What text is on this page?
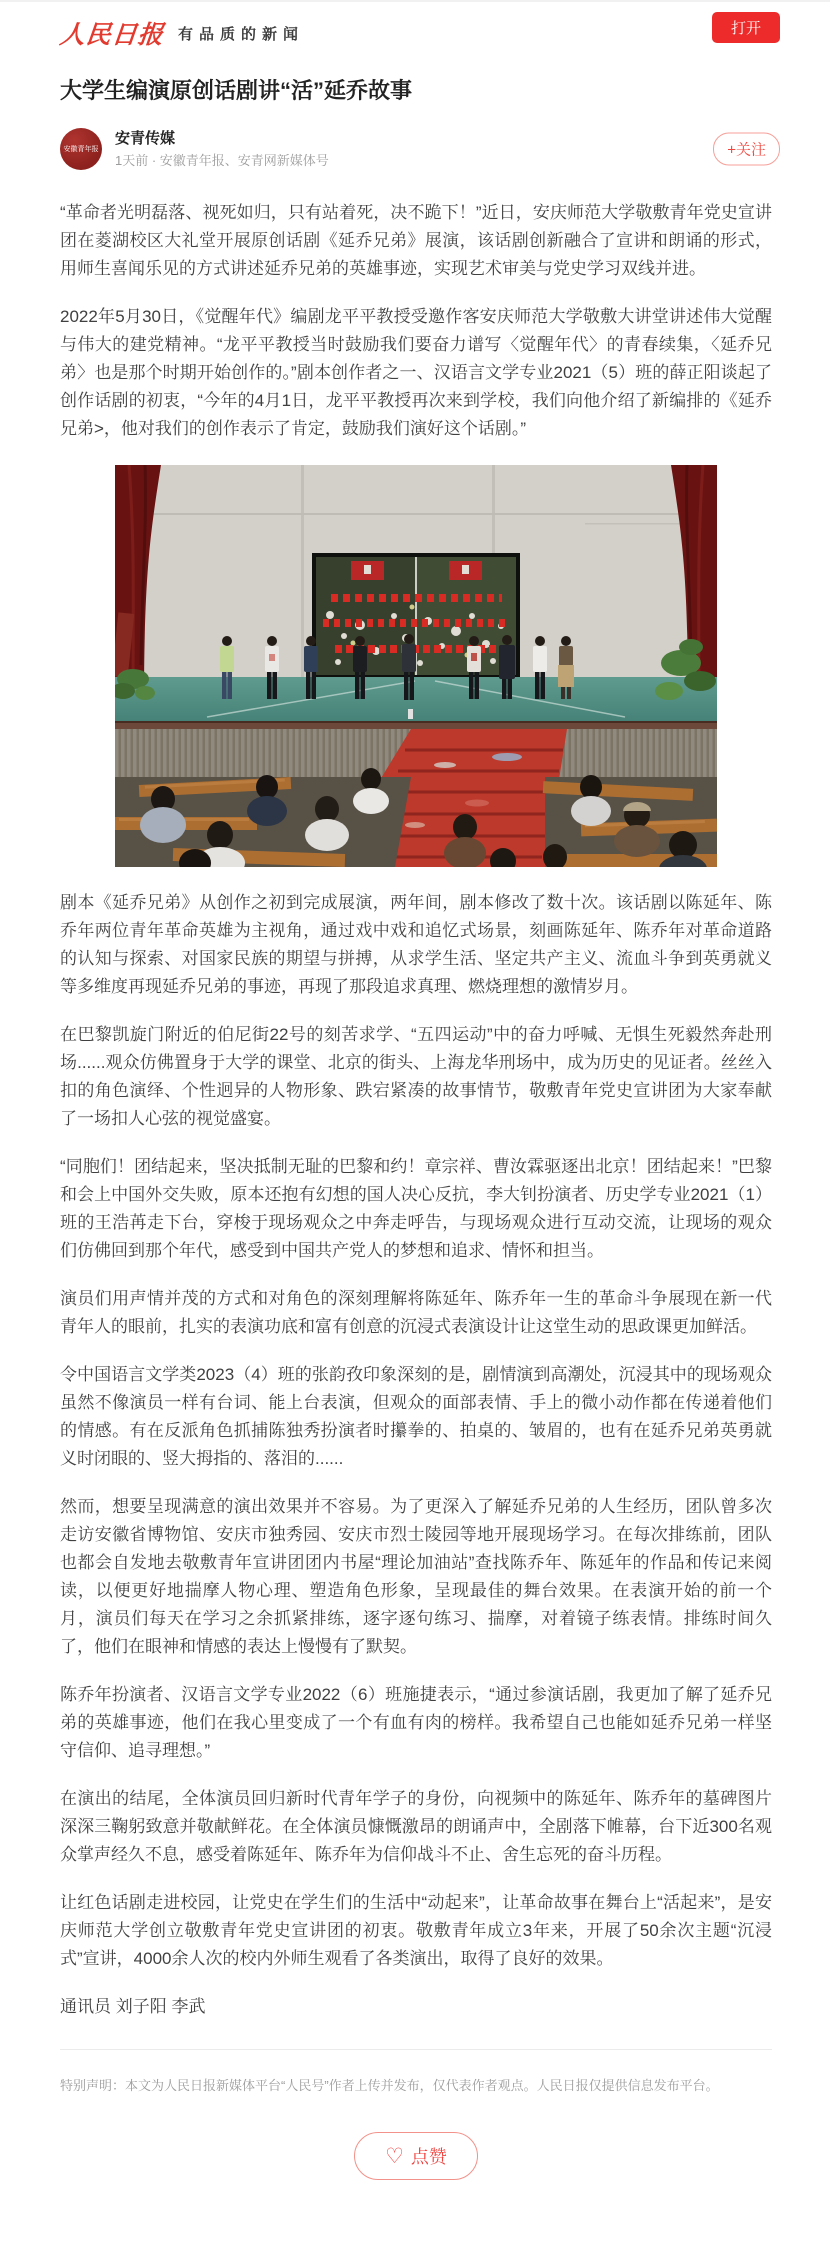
人民日报 有品质的新闻	打开
大学生编演原创话剧讲“活”延乔故事
安徽青年报
安青传媒
1天前 · 安徽青年报、安青网新媒体号
+关注

“革命者光明磊落、视死如归，只有站着死，决不跪下！”近日，安庆师范大学敬敷青年党史宣讲团在菱湖校区大礼堂开展原创话剧《延乔兄弟》展演，该话剧创新融合了宣讲和朗诵的形式，用师生喜闻乐见的方式讲述延乔兄弟的英雄事迹，实现艺术审美与党史学习双线并进。

2022年5月30日，《觉醒年代》编剧龙平平教授受邀作客安庆师范大学敬敷大讲堂讲述伟大觉醒与伟大的建党精神。“龙平平教授当时鼓励我们要奋力谱写〈觉醒年代〉的青春续集，〈延乔兄弟〉也是那个时期开始创作的。”剧本创作者之一、汉语言文学专业2021（5）班的薛正阳谈起了创作话剧的初衷，“今年的4月1日，龙平平教授再次来到学校，我们向他介绍了新编排的《延乔兄弟>，他对我们的创作表示了肯定，鼓励我们演好这个话剧。”

剧本《延乔兄弟》从创作之初到完成展演，两年间，剧本修改了数十次。该话剧以陈延年、陈乔年两位青年革命英雄为主视角，通过戏中戏和追忆式场景，刻画陈延年、陈乔年对革命道路的认知与探索、对国家民族的期望与拼搏，从求学生活、坚定共产主义、流血斗争到英勇就义等多维度再现延乔兄弟的事迹，再现了那段追求真理、燃烧理想的激情岁月。

在巴黎凯旋门附近的伯尼街22号的刻苦求学、“五四运动”中的奋力呼喊、无惧生死毅然奔赴刑场......观众仿佛置身于大学的课堂、北京的街头、上海龙华刑场中，成为历史的见证者。丝丝入扣的角色演绎、个性迥异的人物形象、跌宕紧凑的故事情节，敬敷青年党史宣讲团为大家奉献了一场扣人心弦的视觉盛宴。

“同胞们！团结起来，坚决抵制无耻的巴黎和约！章宗祥、曹汝霖驱逐出北京！团结起来！”巴黎和会上中国外交失败，原本还抱有幻想的国人决心反抗，李大钊扮演者、历史学专业2021（1）班的王浩苒走下台，穿梭于现场观众之中奔走呼告，与现场观众进行互动交流，让现场的观众们仿佛回到那个年代，感受到中国共产党人的梦想和追求、情怀和担当。

演员们用声情并茂的方式和对角色的深刻理解将陈延年、陈乔年一生的革命斗争展现在新一代青年人的眼前，扎实的表演功底和富有创意的沉浸式表演设计让这堂生动的思政课更加鲜活。

令中国语言文学类2023（4）班的张韵孜印象深刻的是，剧情演到高潮处，沉浸其中的现场观众虽然不像演员一样有台词、能上台表演，但观众的面部表情、手上的微小动作都在传递着他们的情感。有在反派角色抓捕陈独秀扮演者时攥拳的、拍桌的、皱眉的，也有在延乔兄弟英勇就义时闭眼的、竖大拇指的、落泪的......

然而，想要呈现满意的演出效果并不容易。为了更深入了解延乔兄弟的人生经历，团队曾多次走访安徽省博物馆、安庆市独秀园、安庆市烈士陵园等地开展现场学习。在每次排练前，团队也都会自发地去敬敷青年宣讲团团内书屋“理论加油站”查找陈乔年、陈延年的作品和传记来阅读，以便更好地揣摩人物心理、塑造角色形象，呈现最佳的舞台效果。在表演开始的前一个月，演员们每天在学习之余抓紧排练，逐字逐句练习、揣摩，对着镜子练表情。排练时间久了，他们在眼神和情感的表达上慢慢有了默契。

陈乔年扮演者、汉语言文学专业2022（6）班施捷表示，“通过参演话剧，我更加了解了延乔兄弟的英雄事迹，他们在我心里变成了一个有血有肉的榜样。我希望自己也能如延乔兄弟一样坚守信仰、追寻理想。”

在演出的结尾，全体演员回归新时代青年学子的身份，向视频中的陈延年、陈乔年的墓碑图片深深三鞠躬致意并敬献鲜花。在全体演员慷慨激昂的朗诵声中，全剧落下帷幕，台下近300名观众掌声经久不息，感受着陈延年、陈乔年为信仰战斗不止、舍生忘死的奋斗历程。

让红色话剧走进校园，让党史在学生们的生活中“动起来”，让革命故事在舞台上“活起来”，是安庆师范大学创立敬敷青年党史宣讲团的初衷。敬敷青年成立3年来，开展了50余次主题“沉浸式”宣讲，4000余人次的校内外师生观看了各类演出，取得了良好的效果。

通讯员 刘子阳 李武

特别声明：本文为人民日报新媒体平台“人民号”作者上传并发布，仅代表作者观点。人民日报仅提供信息发布平台。
♡ 点赞
